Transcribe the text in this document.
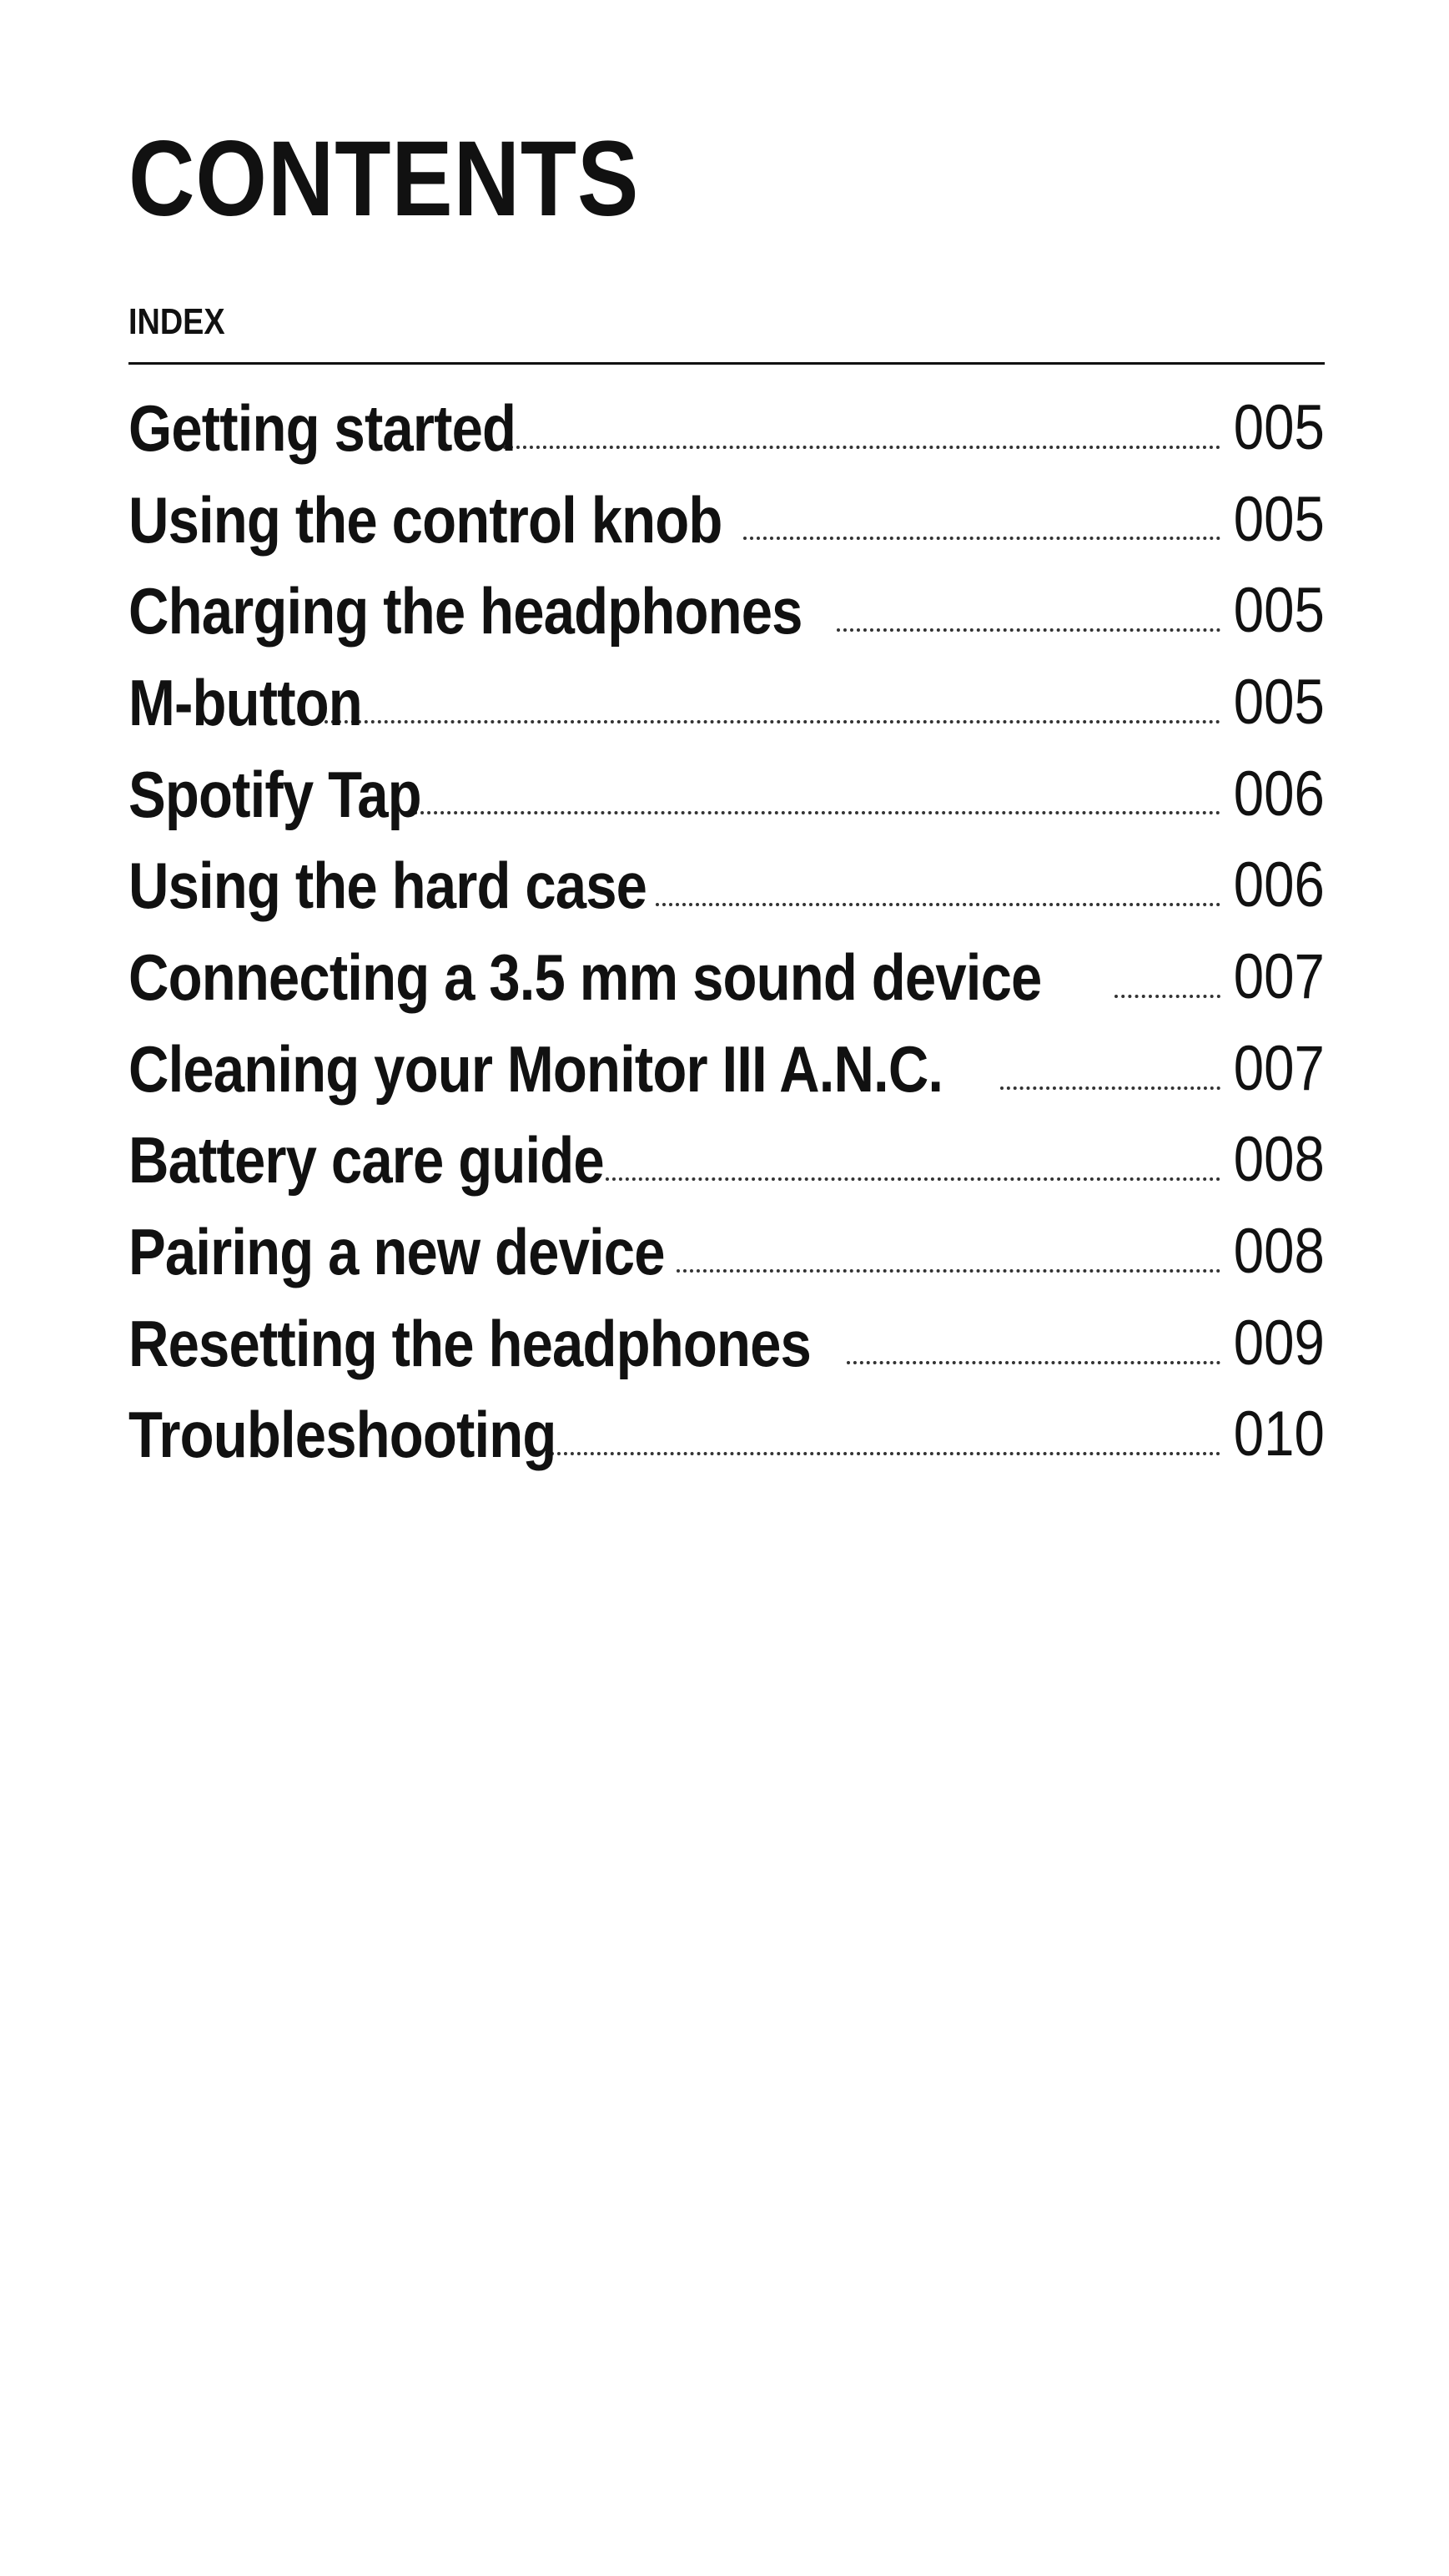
CONTENTS
INDEX
Getting started	005
Using the control knob	005
Charging the headphones	005
M-button	005
Spotify Tap	006
Using the hard case	006
Connecting a 3.5 mm sound device	007
Cleaning your Monitor III A.N.C.	007
Battery care guide	008
Pairing a new device	008
Resetting the headphones	009
Troubleshooting	010
